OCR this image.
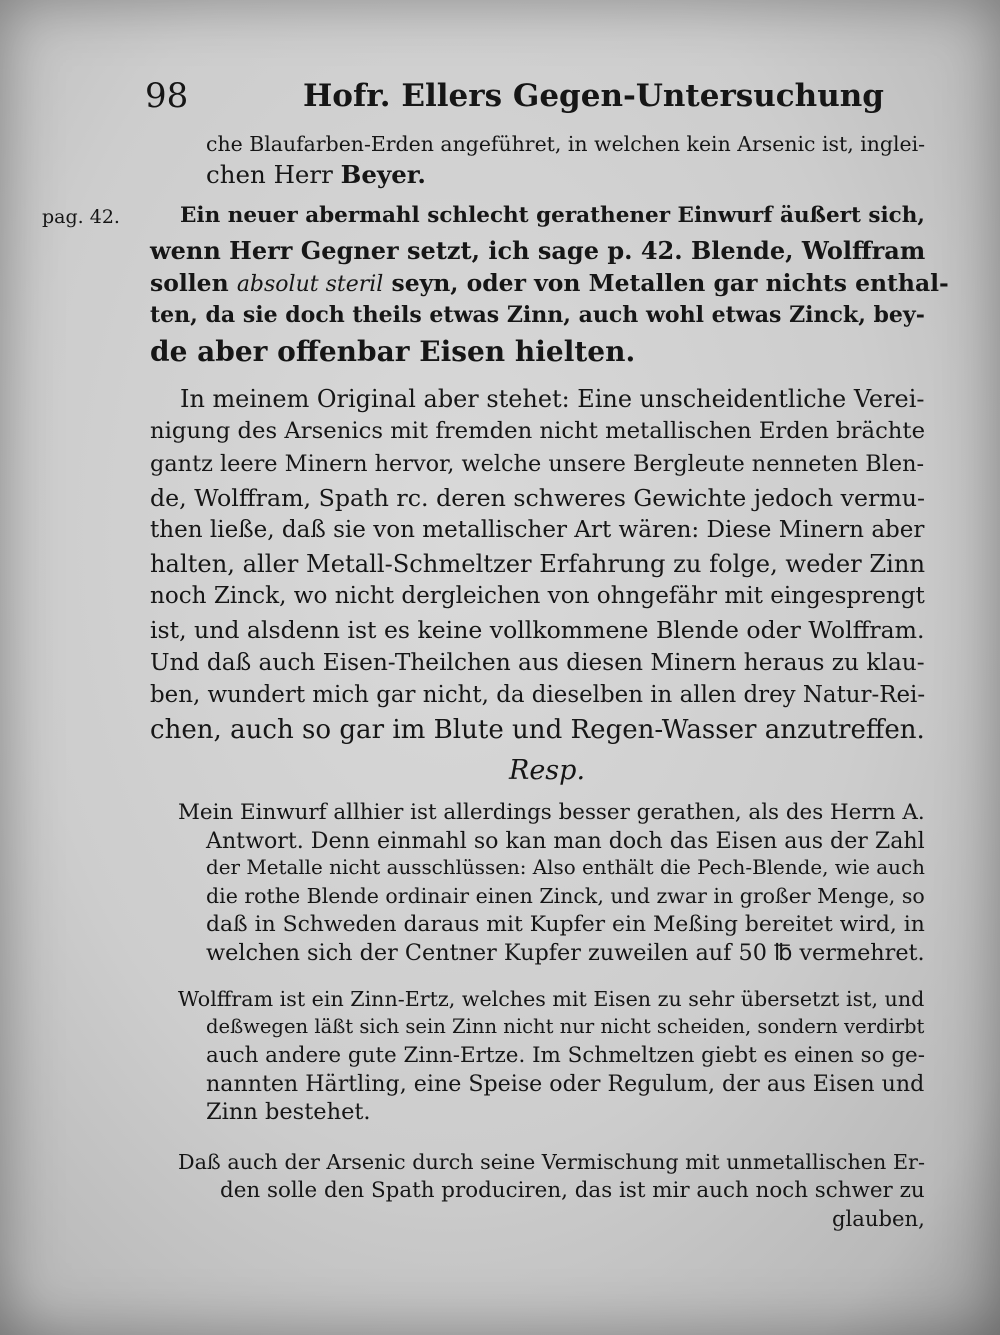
98	Hofr. Ellers Gegen-Untersuchung
che Blaufarben-Erden angeführet, in welchen kein Arsenic ist, inglei-
chen Herr Beyer.
pag. 42.	Ein neuer abermahl schlecht gerathener Einwurf äußert sich,
wenn Herr Gegner setzt, ich sage p. 42. Blende, Wolffram
sollen absolut steril seyn, oder von Metallen gar nichts enthal-
ten, da sie doch theils etwas Zinn, auch wohl etwas Zinck, bey-
de aber offenbar Eisen hielten.
In meinem Original aber stehet: Eine unscheidentliche Verei-
nigung des Arsenics mit fremden nicht metallischen Erden brächte
gantz leere Minern hervor, welche unsere Bergleute nenneten Blen-
de, Wolffram, Spath rc. deren schweres Gewichte jedoch vermu-
then ließe, daß sie von metallischer Art wären: Diese Minern aber
halten, aller Metall-Schmeltzer Erfahrung zu folge, weder Zinn
noch Zinck, wo nicht dergleichen von ohngefähr mit eingesprengt
ist, und alsdenn ist es keine vollkommene Blende oder Wolffram.
Und daß auch Eisen-Theilchen aus diesen Minern heraus zu klau-
ben, wundert mich gar nicht, da dieselben in allen drey Natur-Rei-
chen, auch so gar im Blute und Regen-Wasser anzutreffen.
Resp.
Mein Einwurf allhier ist allerdings besser gerathen, als des Herrn A.
Antwort. Denn einmahl so kan man doch das Eisen aus der Zahl
der Metalle nicht ausschlüssen: Also enthält die Pech-Blende, wie auch
die rothe Blende ordinair einen Zinck, und zwar in großer Menge, so
daß in Schweden daraus mit Kupfer ein Meßing bereitet wird, in
welchen sich der Centner Kupfer zuweilen auf 50 ℔ vermehret.
Wolffram ist ein Zinn-Ertz, welches mit Eisen zu sehr übersetzt ist, und
deßwegen läßt sich sein Zinn nicht nur nicht scheiden, sondern verdirbt
auch andere gute Zinn-Ertze. Im Schmeltzen giebt es einen so ge-
nannten Härtling, eine Speise oder Regulum, der aus Eisen und
Zinn bestehet.
Daß auch der Arsenic durch seine Vermischung mit unmetallischen Er-
den solle den Spath produciren, das ist mir auch noch schwer zu
glauben,
